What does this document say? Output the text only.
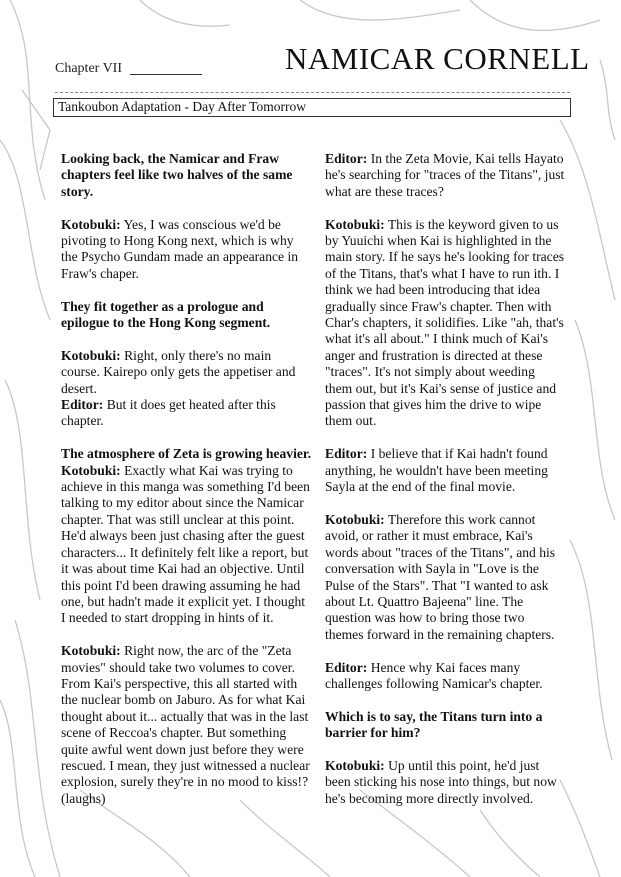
Chapter VII	NAMICAR CORNELL
Tankoubon Adaptation - Day After Tomorrow

Looking back, the Namicar and Fraw chapters feel like two halves of the same story.

Kotobuki: Yes, I was conscious we'd be pivoting to Hong Kong next, which is why the Psycho Gundam made an appearance in Fraw's chaper.

They fit together as a prologue and epilogue to the Hong Kong segment.

Kotobuki: Right, only there's no main course. Kairepo only gets the appetiser and desert.

Editor: But it does get heated after this chapter.

The atmosphere of Zeta is growing heavier.

Kotobuki: Exactly what Kai was trying to achieve in this manga was something I'd been talking to my editor about since the Namicar chapter. That was still unclear at this point. He'd always been just chasing after the guest characters... It definitely felt like a report, but it was about time Kai had an objective. Until this point I'd been drawing assuming he had one, but hadn't made it explicit yet. I thought I needed to start dropping in hints of it.

Kotobuki: Right now, the arc of the "Zeta movies" should take two volumes to cover. From Kai's perspective, this all started with the nuclear bomb on Jaburo. As for what Kai thought about it... actually that was in the last scene of Reccoa's chapter. But something quite awful went down just before they were rescued. I mean, they just witnessed a nuclear explosion, surely they're in no mood to kiss!? (laughs)

Editor: In the Zeta Movie, Kai tells Hayato he's searching for "traces of the Titans", just what are these traces?

Kotobuki: This is the keyword given to us by Yuuichi when Kai is highlighted in the main story. If he says he's looking for traces of the Titans, that's what I have to run ith. I think we had been introducing that idea gradually since Fraw's chapter. Then with Char's chapters, it solidifies. Like "ah, that's what it's all about." I think much of Kai's anger and frustration is directed at these "traces". It's not simply about weeding them out, but it's Kai's sense of justice and passion that gives him the drive to wipe them out.

Editor: I believe that if Kai hadn't found anything, he wouldn't have been meeting Sayla at the end of the final movie.

Kotobuki: Therefore this work cannot avoid, or rather it must embrace, Kai's words about "traces of the Titans", and his conversation with Sayla in "Love is the Pulse of the Stars". That "I wanted to ask about Lt. Quattro Bajeena" line. The question was how to bring those two themes forward in the remaining chapters.

Editor: Hence why Kai faces many challenges following Namicar's chapter.

Which is to say, the Titans turn into a barrier for him?

Kotobuki: Up until this point, he'd just been sticking his nose into things, but now he's becoming more directly involved.
